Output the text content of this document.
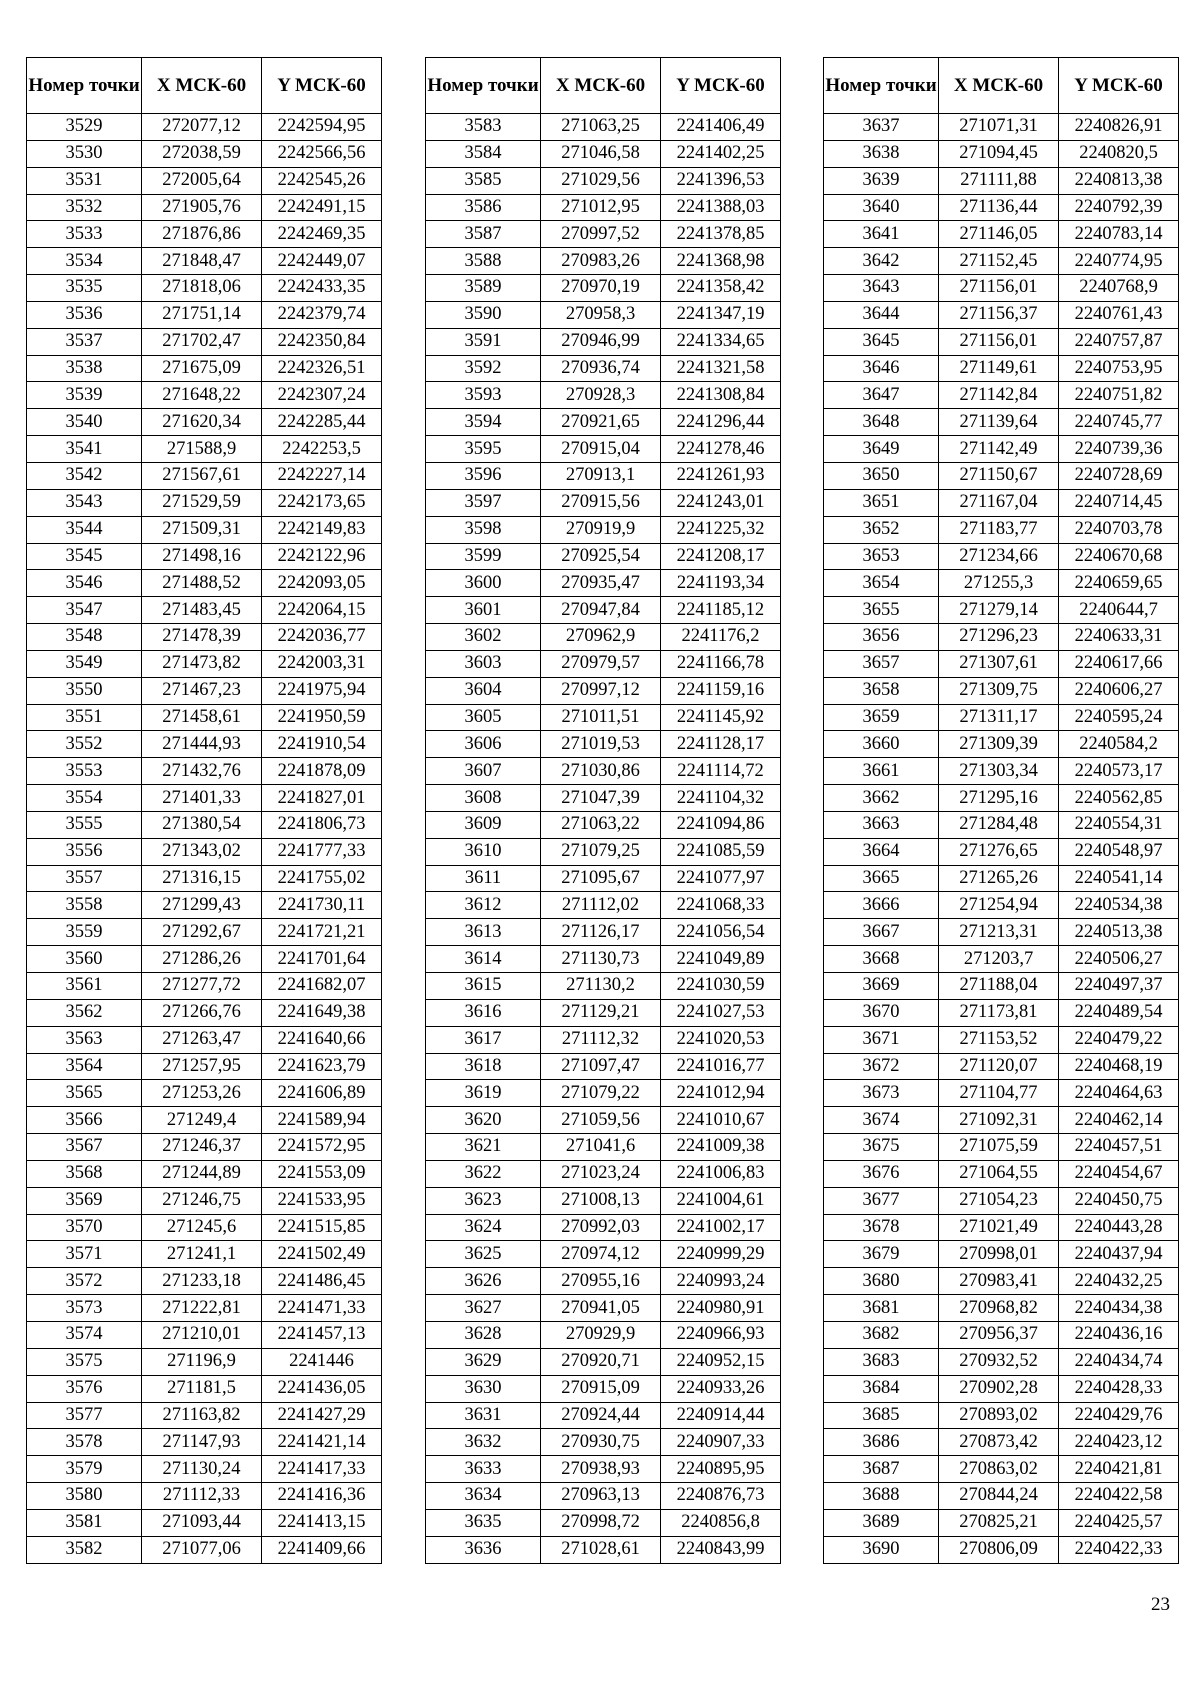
Номер точки	X МСК-60	Y МСК-60
3529	272077,12	2242594,95
3530	272038,59	2242566,56
3531	272005,64	2242545,26
3532	271905,76	2242491,15
3533	271876,86	2242469,35
3534	271848,47	2242449,07
3535	271818,06	2242433,35
3536	271751,14	2242379,74
3537	271702,47	2242350,84
3538	271675,09	2242326,51
3539	271648,22	2242307,24
3540	271620,34	2242285,44
3541	271588,9	2242253,5
3542	271567,61	2242227,14
3543	271529,59	2242173,65
3544	271509,31	2242149,83
3545	271498,16	2242122,96
3546	271488,52	2242093,05
3547	271483,45	2242064,15
3548	271478,39	2242036,77
3549	271473,82	2242003,31
3550	271467,23	2241975,94
3551	271458,61	2241950,59
3552	271444,93	2241910,54
3553	271432,76	2241878,09
3554	271401,33	2241827,01
3555	271380,54	2241806,73
3556	271343,02	2241777,33
3557	271316,15	2241755,02
3558	271299,43	2241730,11
3559	271292,67	2241721,21
3560	271286,26	2241701,64
3561	271277,72	2241682,07
3562	271266,76	2241649,38
3563	271263,47	2241640,66
3564	271257,95	2241623,79
3565	271253,26	2241606,89
3566	271249,4	2241589,94
3567	271246,37	2241572,95
3568	271244,89	2241553,09
3569	271246,75	2241533,95
3570	271245,6	2241515,85
3571	271241,1	2241502,49
3572	271233,18	2241486,45
3573	271222,81	2241471,33
3574	271210,01	2241457,13
3575	271196,9	2241446
3576	271181,5	2241436,05
3577	271163,82	2241427,29
3578	271147,93	2241421,14
3579	271130,24	2241417,33
3580	271112,33	2241416,36
3581	271093,44	2241413,15
3582	271077,06	2241409,66
Номер точки	X МСК-60	Y МСК-60
3583	271063,25	2241406,49
3584	271046,58	2241402,25
3585	271029,56	2241396,53
3586	271012,95	2241388,03
3587	270997,52	2241378,85
3588	270983,26	2241368,98
3589	270970,19	2241358,42
3590	270958,3	2241347,19
3591	270946,99	2241334,65
3592	270936,74	2241321,58
3593	270928,3	2241308,84
3594	270921,65	2241296,44
3595	270915,04	2241278,46
3596	270913,1	2241261,93
3597	270915,56	2241243,01
3598	270919,9	2241225,32
3599	270925,54	2241208,17
3600	270935,47	2241193,34
3601	270947,84	2241185,12
3602	270962,9	2241176,2
3603	270979,57	2241166,78
3604	270997,12	2241159,16
3605	271011,51	2241145,92
3606	271019,53	2241128,17
3607	271030,86	2241114,72
3608	271047,39	2241104,32
3609	271063,22	2241094,86
3610	271079,25	2241085,59
3611	271095,67	2241077,97
3612	271112,02	2241068,33
3613	271126,17	2241056,54
3614	271130,73	2241049,89
3615	271130,2	2241030,59
3616	271129,21	2241027,53
3617	271112,32	2241020,53
3618	271097,47	2241016,77
3619	271079,22	2241012,94
3620	271059,56	2241010,67
3621	271041,6	2241009,38
3622	271023,24	2241006,83
3623	271008,13	2241004,61
3624	270992,03	2241002,17
3625	270974,12	2240999,29
3626	270955,16	2240993,24
3627	270941,05	2240980,91
3628	270929,9	2240966,93
3629	270920,71	2240952,15
3630	270915,09	2240933,26
3631	270924,44	2240914,44
3632	270930,75	2240907,33
3633	270938,93	2240895,95
3634	270963,13	2240876,73
3635	270998,72	2240856,8
3636	271028,61	2240843,99
Номер точки	X МСК-60	Y МСК-60
3637	271071,31	2240826,91
3638	271094,45	2240820,5
3639	271111,88	2240813,38
3640	271136,44	2240792,39
3641	271146,05	2240783,14
3642	271152,45	2240774,95
3643	271156,01	2240768,9
3644	271156,37	2240761,43
3645	271156,01	2240757,87
3646	271149,61	2240753,95
3647	271142,84	2240751,82
3648	271139,64	2240745,77
3649	271142,49	2240739,36
3650	271150,67	2240728,69
3651	271167,04	2240714,45
3652	271183,77	2240703,78
3653	271234,66	2240670,68
3654	271255,3	2240659,65
3655	271279,14	2240644,7
3656	271296,23	2240633,31
3657	271307,61	2240617,66
3658	271309,75	2240606,27
3659	271311,17	2240595,24
3660	271309,39	2240584,2
3661	271303,34	2240573,17
3662	271295,16	2240562,85
3663	271284,48	2240554,31
3664	271276,65	2240548,97
3665	271265,26	2240541,14
3666	271254,94	2240534,38
3667	271213,31	2240513,38
3668	271203,7	2240506,27
3669	271188,04	2240497,37
3670	271173,81	2240489,54
3671	271153,52	2240479,22
3672	271120,07	2240468,19
3673	271104,77	2240464,63
3674	271092,31	2240462,14
3675	271075,59	2240457,51
3676	271064,55	2240454,67
3677	271054,23	2240450,75
3678	271021,49	2240443,28
3679	270998,01	2240437,94
3680	270983,41	2240432,25
3681	270968,82	2240434,38
3682	270956,37	2240436,16
3683	270932,52	2240434,74
3684	270902,28	2240428,33
3685	270893,02	2240429,76
3686	270873,42	2240423,12
3687	270863,02	2240421,81
3688	270844,24	2240422,58
3689	270825,21	2240425,57
3690	270806,09	2240422,33
23
